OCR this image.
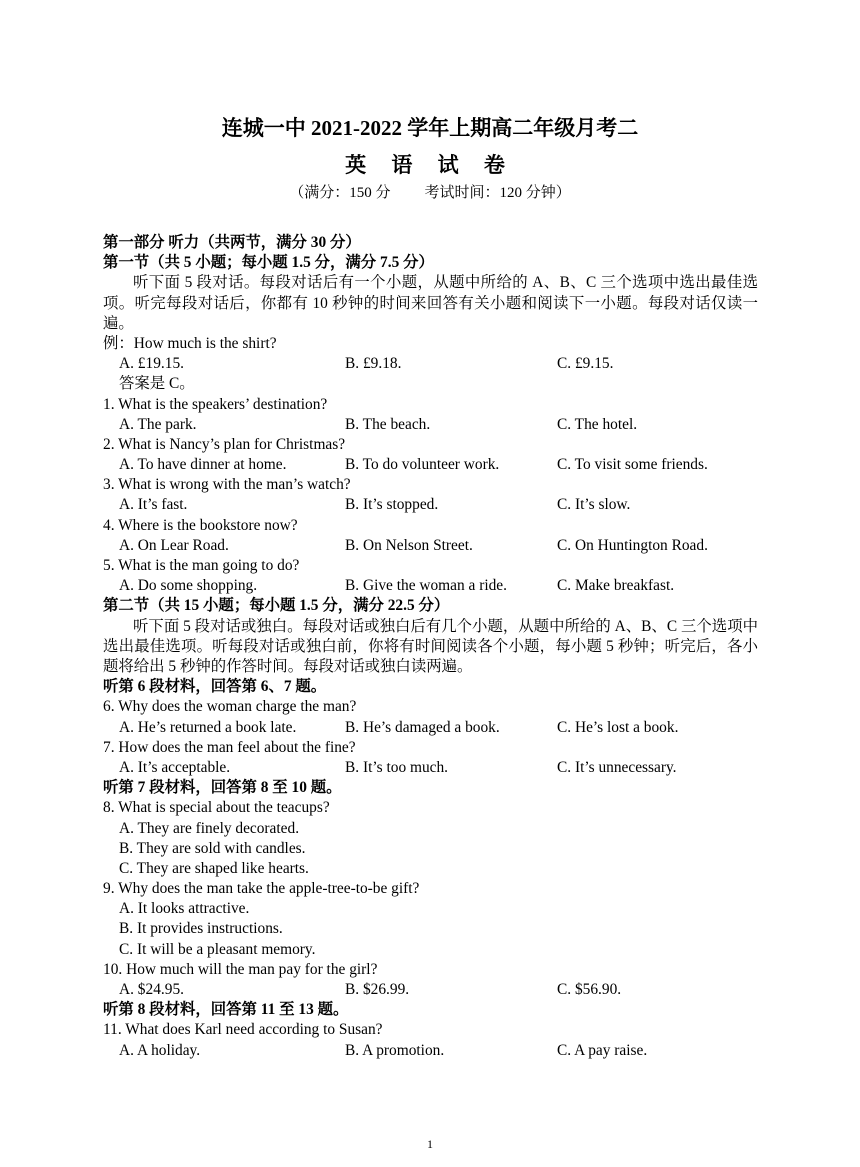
连城一中 2021-2022 学年上期高二年级月考二
英 语 试 卷
（满分：150 分 考试时间：120 分钟）
第一部分 听力（共两节，满分 30 分）
第一节（共 5 小题；每小题 1.5 分，满分 7.5 分）
听下面 5 段对话。每段对话后有一个小题，从题中所给的 A、B、C 三个选项中选出最佳选项。听完每段对话后，你都有 10 秒钟的时间来回答有关小题和阅读下一小题。每段对话仅读一遍。
例：How much is the shirt?
A. £19.15.	B. £9.18.	C. £9.15.
答案是 C。
1. What is the speakers’ destination?
A. The park.	B. The beach.	C. The hotel.
2. What is Nancy’s plan for Christmas?
A. To have dinner at home.	B. To do volunteer work.	C. To visit some friends.
3. What is wrong with the man’s watch?
A. It’s fast.	B. It’s stopped.	C. It’s slow.
4. Where is the bookstore now?
A. On Lear Road.	B. On Nelson Street.	C. On Huntington Road.
5. What is the man going to do?
A. Do some shopping.	B. Give the woman a ride.	C. Make breakfast.
第二节（共 15 小题；每小题 1.5 分，满分 22.5 分）
听下面 5 段对话或独白。每段对话或独白后有几个小题，从题中所给的 A、B、C 三个选项中选出最佳选项。听每段对话或独白前，你将有时间阅读各个小题，每小题 5 秒钟；听完后，各小题将给出 5 秒钟的作答时间。每段对话或独白读两遍。
听第 6 段材料，回答第 6、7 题。
6. Why does the woman charge the man?
A. He’s returned a book late.	B. He’s damaged a book.	C. He’s lost a book.
7. How does the man feel about the fine?
A. It’s acceptable.	B. It’s too much.	C. It’s unnecessary.
听第 7 段材料，回答第 8 至 10 题。
8. What is special about the teacups?
A. They are finely decorated.
B. They are sold with candles.
C. They are shaped like hearts.
9. Why does the man take the apple-tree-to-be gift?
A. It looks attractive.
B. It provides instructions.
C. It will be a pleasant memory.
10. How much will the man pay for the girl?
A. $24.95.	B. $26.99.	C. $56.90.
听第 8 段材料，回答第 11 至 13 题。
11. What does Karl need according to Susan?
A. A holiday.	B. A promotion.	C. A pay raise.
1
